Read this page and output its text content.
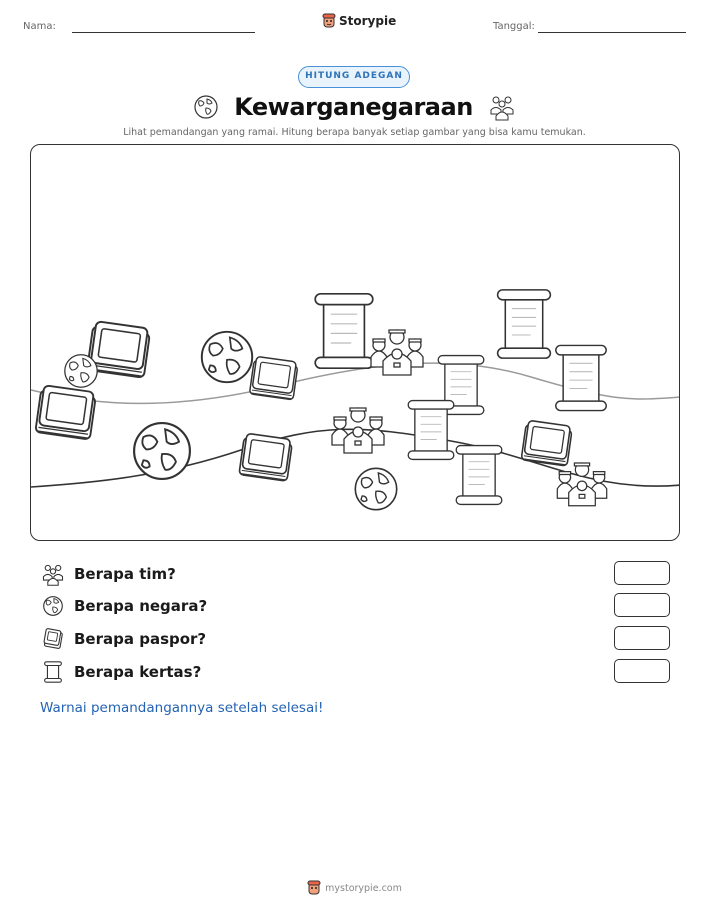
Nama:	Storypie	Tanggal:
HITUNG ADEGAN
Kewarganegaraan
Lihat pemandangan yang ramai. Hitung berapa banyak setiap gambar yang bisa kamu temukan.
Berapa tim?
Berapa negara?
Berapa paspor?
Berapa kertas?
Warnai pemandangannya setelah selesai!
mystorypie.com
